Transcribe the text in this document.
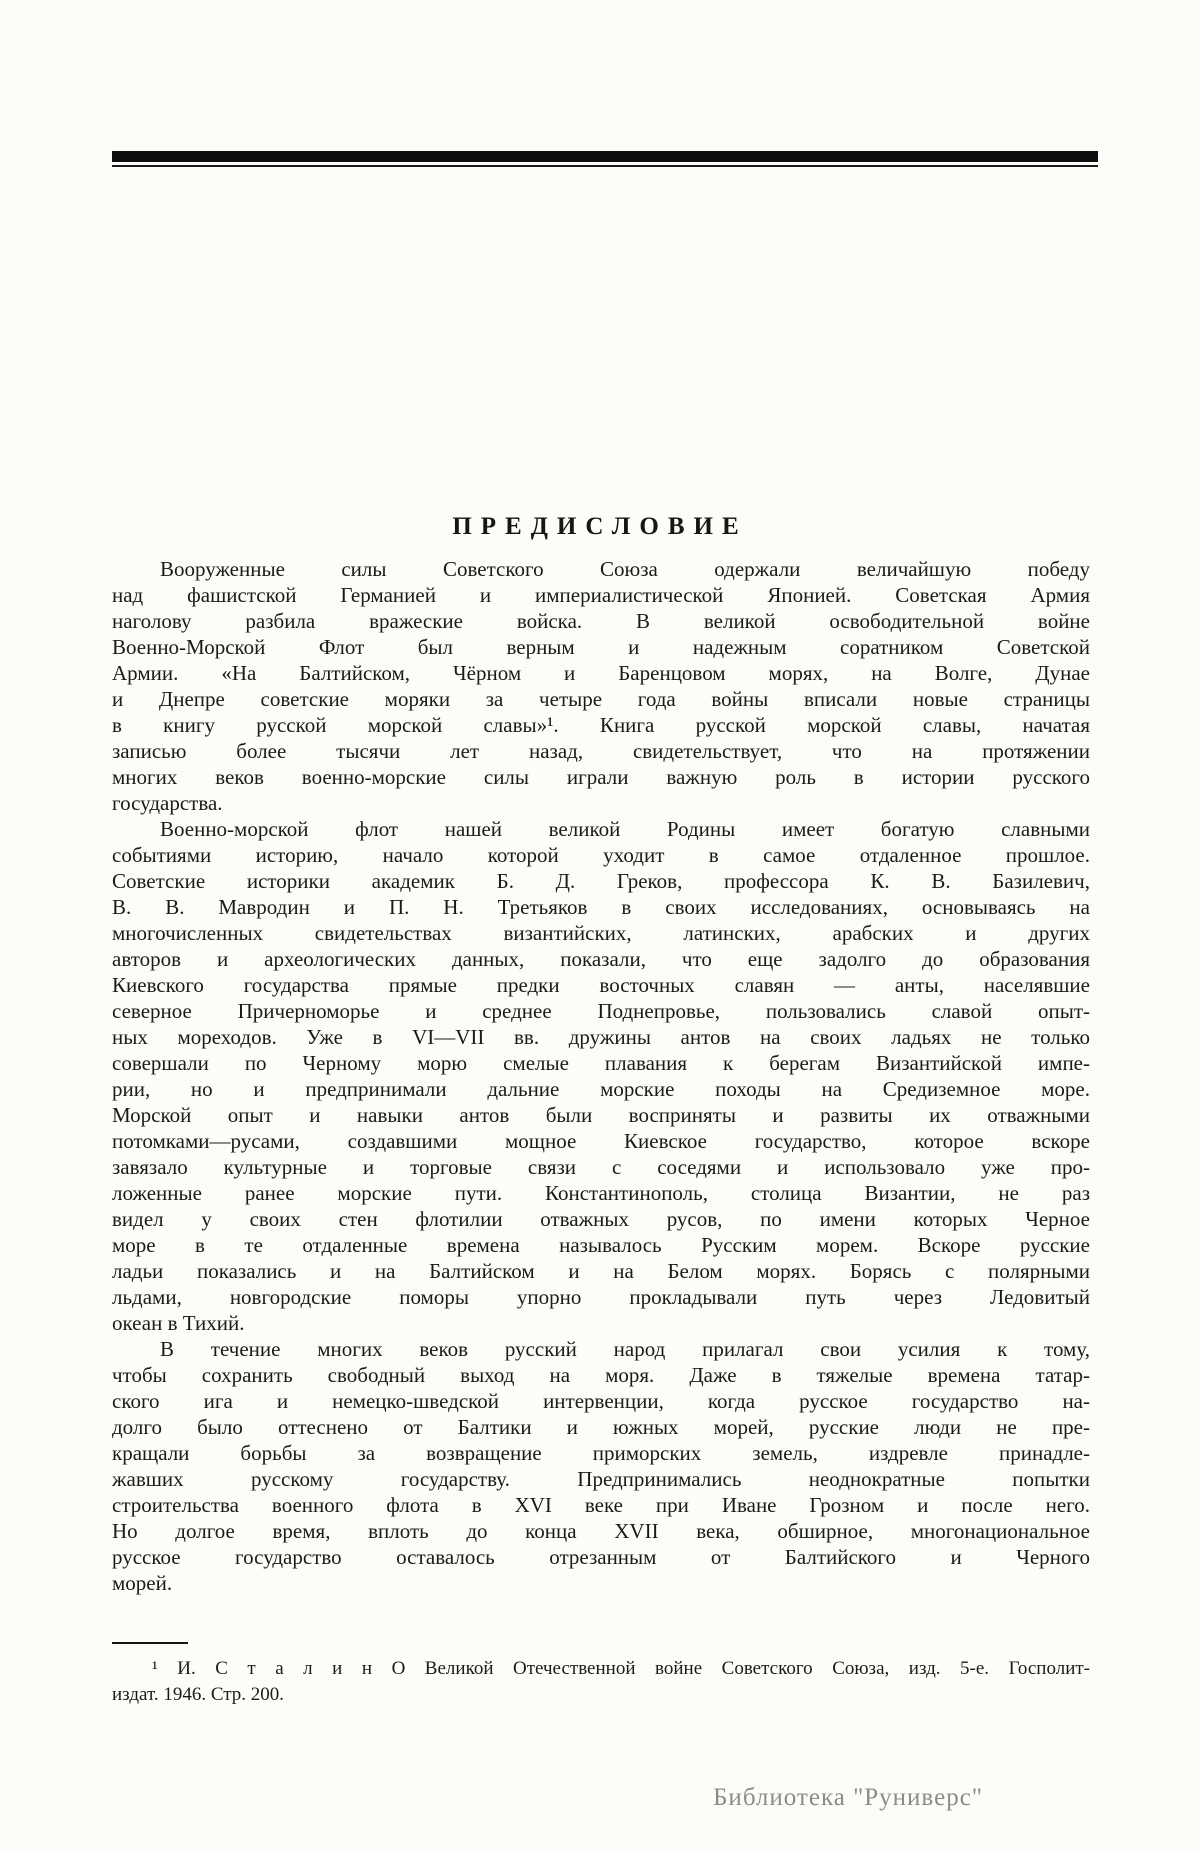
ПРЕДИСЛОВИЕ
Вооруженные силы Советского Союза одержали величайшую победу
над фашистской Германией и империалистической Японией. Советская Армия
наголову разбила вражеские войска. В великой освободительной войне
Военно-Морской Флот был верным и надежным соратником Советской
Армии. «На Балтийском, Чёрном и Баренцовом морях, на Волге, Дунае
и Днепре советские моряки за четыре года войны вписали новые страницы
в книгу русской морской славы»¹. Книга русской морской славы, начатая
записью более тысячи лет назад, свидетельствует, что на протяжении
многих веков военно-морские силы играли важную роль в истории русского
государства.
Военно-морской флот нашей великой Родины имеет богатую славными
событиями историю, начало которой уходит в самое отдаленное прошлое.
Советские историки академик Б. Д. Греков, профессора К. В. Базилевич,
В. В. Мавродин и П. Н. Третьяков в своих исследованиях, основываясь на
многочисленных свидетельствах византийских, латинских, арабских и других
авторов и археологических данных, показали, что еще задолго до образования
Киевского государства прямые предки восточных славян — анты, населявшие
северное Причерноморье и среднее Поднепровье, пользовались славой опыт-
ных мореходов. Уже в VI—VII вв. дружины антов на своих ладьях не только
совершали по Черному морю смелые плавания к берегам Византийской импе-
рии, но и предпринимали дальние морские походы на Средиземное море.
Морской опыт и навыки антов были восприняты и развиты их отважными
потомками—русами, создавшими мощное Киевское государство, которое вскоре
завязало культурные и торговые связи с соседями и использовало уже про-
ложенные ранее морские пути. Константинополь, столица Византии, не раз
видел у своих стен флотилии отважных русов, по имени которых Черное
море в те отдаленные времена называлось Русским морем. Вскоре русские
ладьи показались и на Балтийском и на Белом морях. Борясь с полярными
льдами, новгородские поморы упорно прокладывали путь через Ледовитый
океан в Тихий.
В течение многих веков русский народ прилагал свои усилия к тому,
чтобы сохранить свободный выход на моря. Даже в тяжелые времена татар-
ского ига и немецко-шведской интервенции, когда русское государство на-
долго было оттеснено от Балтики и южных морей, русские люди не пре-
кращали борьбы за возвращение приморских земель, издревле принадле-
жавших русскому государству. Предпринимались неоднократные попытки
строительства военного флота в XVI веке при Иване Грозном и после него.
Но долгое время, вплоть до конца XVII века, обширное, многонациональное
русское государство оставалось отрезанным от Балтийского и Черного
морей.
¹ И. С т а л и н О Великой Отечественной войне Советского Союза, изд. 5-е. Госполит-
издат. 1946. Стр. 200.
Библиотека "Руниверс"
